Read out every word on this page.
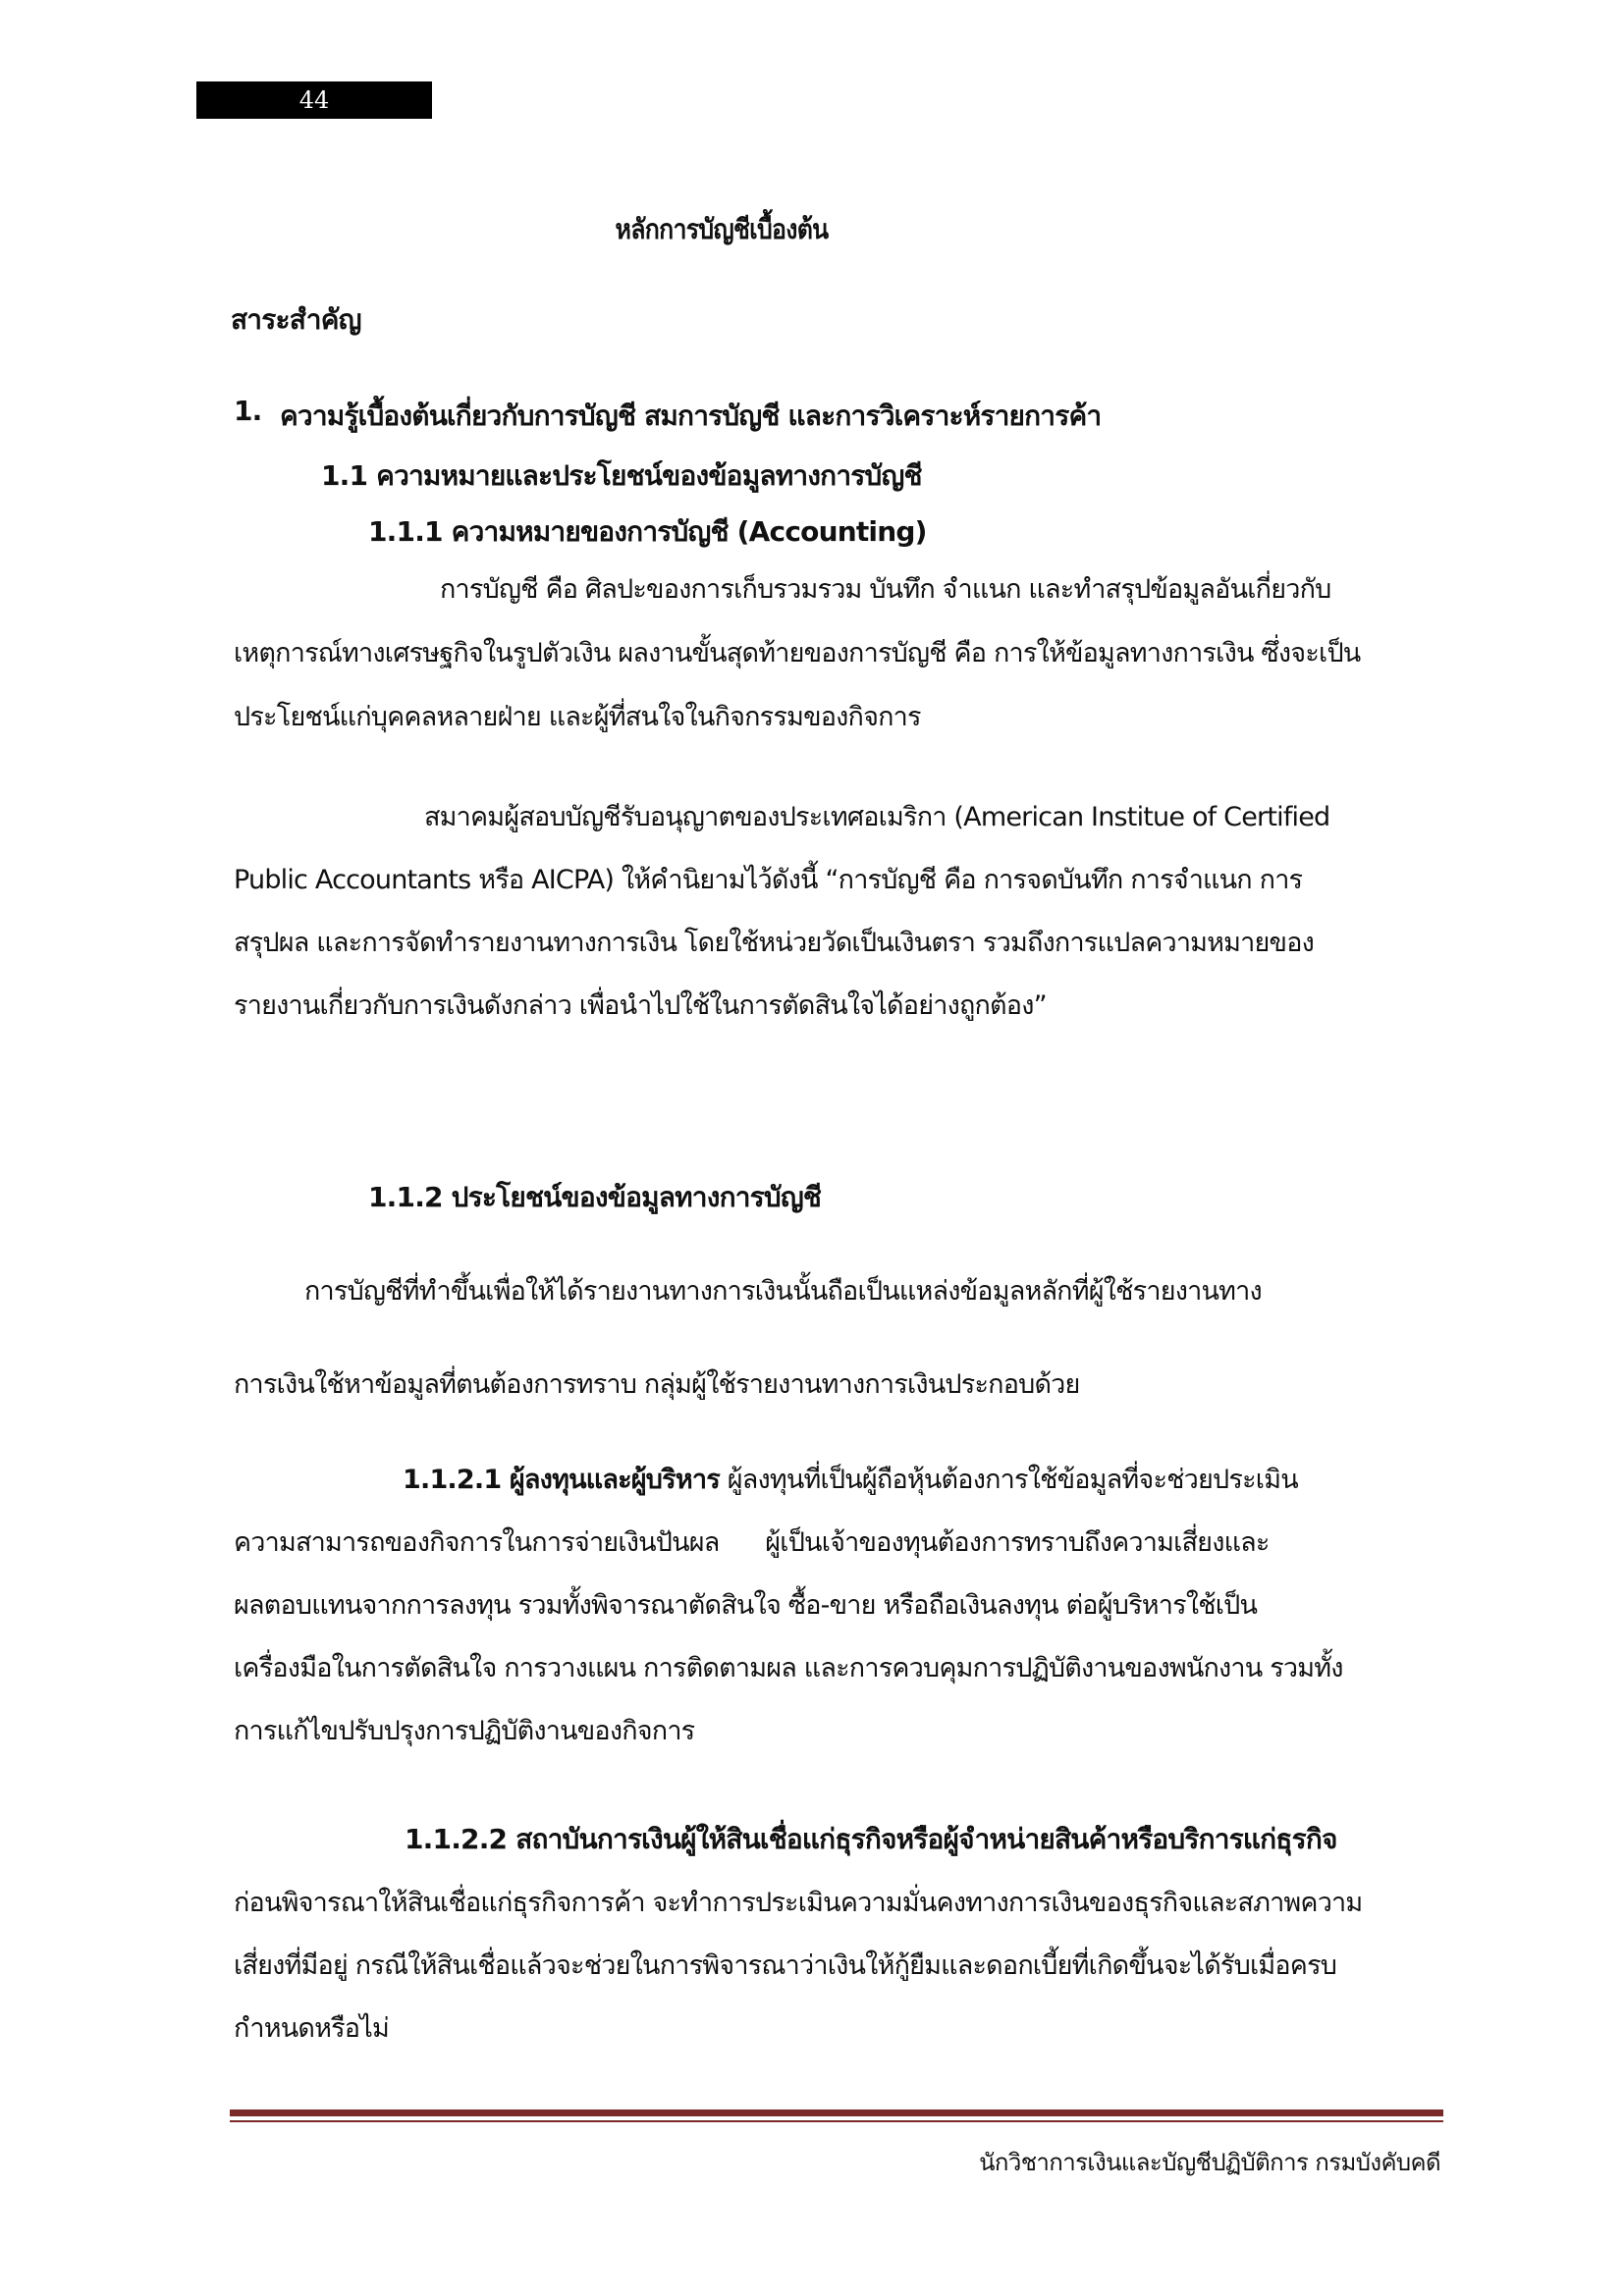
44
หลักการบัญชีเบื้องต้น
สาระสำคัญ
1. ความรู้เบื้องต้นเกี่ยวกับการบัญชี สมการบัญชี และการวิเคราะห์รายการค้า
1.1 ความหมายและประโยชน์ของข้อมูลทางการบัญชี
1.1.1 ความหมายของการบัญชี (Accounting)
การบัญชี คือ ศิลปะของการเก็บรวมรวม บันทึก จำแนก และทำสรุปข้อมูลอันเกี่ยวกับ
เหตุการณ์ทางเศรษฐกิจในรูปตัวเงิน ผลงานขั้นสุดท้ายของการบัญชี คือ การให้ข้อมูลทางการเงิน ซึ่งจะเป็น
ประโยชน์แก่บุคคลหลายฝ่าย และผู้ที่สนใจในกิจกรรมของกิจการ
สมาคมผู้สอบบัญชีรับอนุญาตของประเทศอเมริกา (American Institue of Certified
Public Accountants หรือ AICPA) ให้คำนิยามไว้ดังนี้ “การบัญชี คือ การจดบันทึก การจำแนก การ
สรุปผล และการจัดทำรายงานทางการเงิน โดยใช้หน่วยวัดเป็นเงินตรา รวมถึงการแปลความหมายของ
รายงานเกี่ยวกับการเงินดังกล่าว เพื่อนำไปใช้ในการตัดสินใจได้อย่างถูกต้อง”
1.1.2 ประโยชน์ของข้อมูลทางการบัญชี
การบัญชีที่ทำขึ้นเพื่อให้ได้รายงานทางการเงินนั้นถือเป็นแหล่งข้อมูลหลักที่ผู้ใช้รายงานทาง
การเงินใช้หาข้อมูลที่ตนต้องการทราบ กลุ่มผู้ใช้รายงานทางการเงินประกอบด้วย
1.1.2.1 ผู้ลงทุนและผู้บริหาร ผู้ลงทุนที่เป็นผู้ถือหุ้นต้องการใช้ข้อมูลที่จะช่วยประเมิน
ความสามารถของกิจการในการจ่ายเงินปันผล      ผู้เป็นเจ้าของทุนต้องการทราบถึงความเสี่ยงและ
ผลตอบแทนจากการลงทุน รวมทั้งพิจารณาตัดสินใจ ซื้อ-ขาย หรือถือเงินลงทุน ต่อผู้บริหารใช้เป็น
เครื่องมือในการตัดสินใจ การวางแผน การติดตามผล และการควบคุมการปฏิบัติงานของพนักงาน รวมทั้ง
การแก้ไขปรับปรุงการปฏิบัติงานของกิจการ
1.1.2.2 สถาบันการเงินผู้ให้สินเชื่อแก่ธุรกิจหรือผู้จำหน่ายสินค้าหรือบริการแก่ธุรกิจ
ก่อนพิจารณาให้สินเชื่อแก่ธุรกิจการค้า จะทำการประเมินความมั่นคงทางการเงินของธุรกิจและสภาพความ
เสี่ยงที่มีอยู่ กรณีให้สินเชื่อแล้วจะช่วยในการพิจารณาว่าเงินให้กู้ยืมและดอกเบี้ยที่เกิดขึ้นจะได้รับเมื่อครบ
กำหนดหรือไม่
นักวิชาการเงินและบัญชีปฏิบัติการ กรมบังคับคดี
